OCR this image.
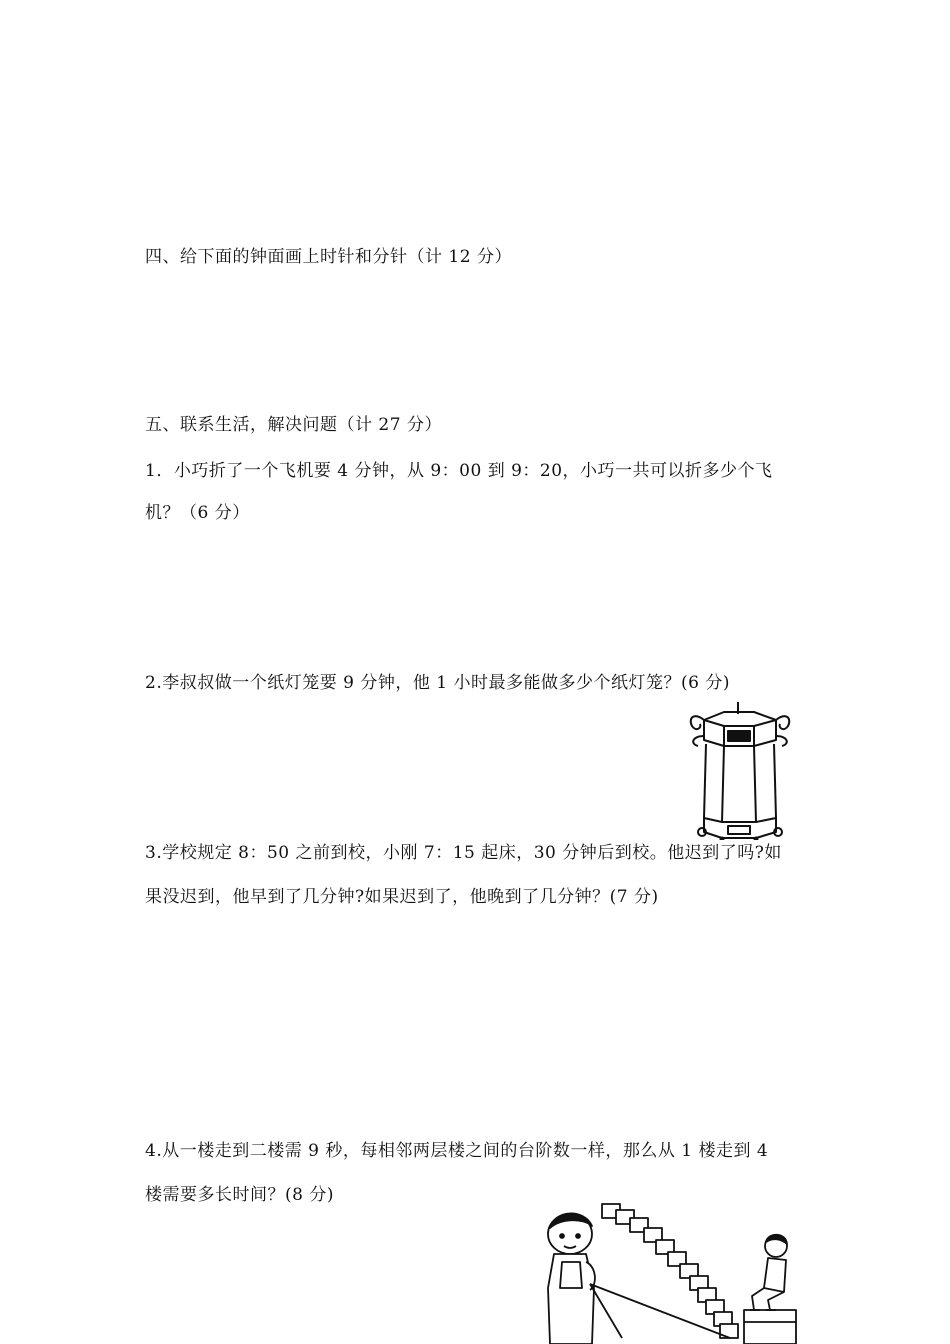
四、给下面的钟面画上时针和分针（计 12 分）
五、联系生活，解决问题（计 27 分）
1．小巧折了一个飞机要 4 分钟，从 9：00 到 9：20，小巧一共可以折多少个飞
机？（6 分）
2.李叔叔做一个纸灯笼要 9 分钟，他 1 小时最多能做多少个纸灯笼？(6 分)
3.学校规定 8：50 之前到校，小刚 7：15 起床，30 分钟后到校。他迟到了吗?如
果没迟到，他早到了几分钟?如果迟到了，他晚到了几分钟？(7 分)
4.从一楼走到二楼需 9 秒，每相邻两层楼之间的台阶数一样，那么从 1 楼走到 4
楼需要多长时间？(8 分)
